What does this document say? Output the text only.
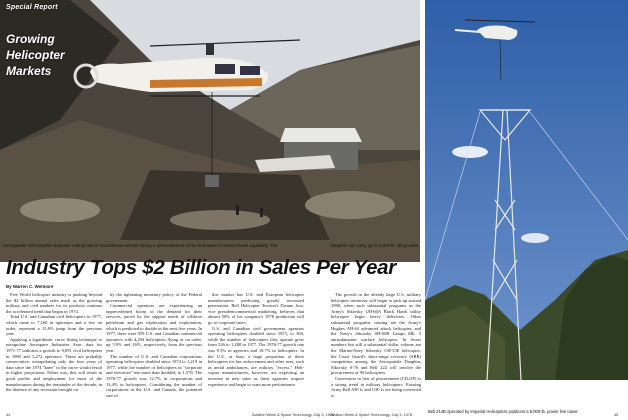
Special Report
Growing
Helicopter
Markets
Aerospatiale 360 Dauphin deposits a sling load in mountainous terrain during a demonstration of the helicopter's external loads capability. The	Dauphin can carry up to 3,300-lb. sling loads.
Bell 214B operated by Imperial Helicopters positions a 6,000-lb. power line tower.
Industry Tops $2 Billion in Sales Per Year
By Warren C. Wetmore

Free World helicopter industry is pushing beyond the $2 billion annual sales mark as the growing military and civil markets for its products continue the accelerated trend that began in 1974.

Total U.S. and Canadian civil helicopters in 1977, which came to 7,160 in operation and a few on order, represent a 15.8% jump from the previous year.

Applying a logarithmic curve fitting technique to extrapolate Aerospace Industries Assn. data for 1971-77 indicates a growth to 9,091 civil helicopters in 1980 and 3,272 operators. These are probably conservative, extrapolating only the four years of data since the 1974 "knee" in the curve would result in higher projections. Either way, this will result in good profits and employment for most of the manufacturers during the remainder of the decade, in the absence of any recession brought on

by the tightening monetary policy of the Federal government.

Commercial operators are experiencing an unprecedented boom in the demand for their services, paced by the support needs of offshore petroleum and gas exploration and exploitation, which is predicted to double in the next five years. In 1977, there were 959 U.S. and Canadian commercial operators with 4,294 helicopters flying or on order, up 5.9% and 16%, respectively, from the previous year.

The number of U.S. and Canadian corporations operating helicopters doubled since 1974 to 1,219 in 1977, while the number of helicopters in "corporate and executive" use more than doubled, to 1,578. The 1976-77 growth was 12.7% in corporations and 13.4% in helicopters. Considering the number of corporations in the U.S. and Canada, the potential size of

this market has U.S. and European helicopter manufacturers predicting greatly increased penetration. Bell Helicopter Textron's Dwane Jose, vice presidentcommercial marketing, believes that almost 50% of his company's 1978 production will go to corporate users.

U.S. and Canadian civil government agencies operating helicopters doubled since 1973, to 369, while the number of helicopters they operate grew from 526 to 1,288 in 1977. The 1976-77 growth rate was 9.5% in agencies and 18.7% in helicopters. In the U.S., at least, a large proportion of these helicopters for law enforcement and other uses, such as aerial ambulances, are military "excess." Helicopter manufacturers, however, are expecting an increase in new sales as these agencies acquire experience and begin to want more performance.

The growth in the already large U.S. military helicopter inventory will begin to pick up around 1980, when such substantial programs as the Army's Sikorsky UH-60A Black Hawk utility helicopter begin heavy deliveries. Other substantial programs coming are the Army's Hughes AH-64 advanced attack helicopter, and the Navy's Sikorsky SH-60B Lamps Mk. 3 antisubmarine warfare helicopter. In lesser numbers but still a substantial dollar volume are the Marine/Navy Sikorsky CH-53E helicopter, the Coast Guard's short-range recovery (SRR) competition among the Aerospatiale Dauphin, Sikorsky S-76 and Bell 222 will involve the procurement of 90 helicopters.

Conversion in lieu of procurement (CILOP) is a strong trend in military helicopters. Existing Army Bell AH-1s and UH-1s are being converted to

44	Aviation Week & Space Technology, July 3, 1978
Aviation Week & Space Technology, July 3, 1978	45
